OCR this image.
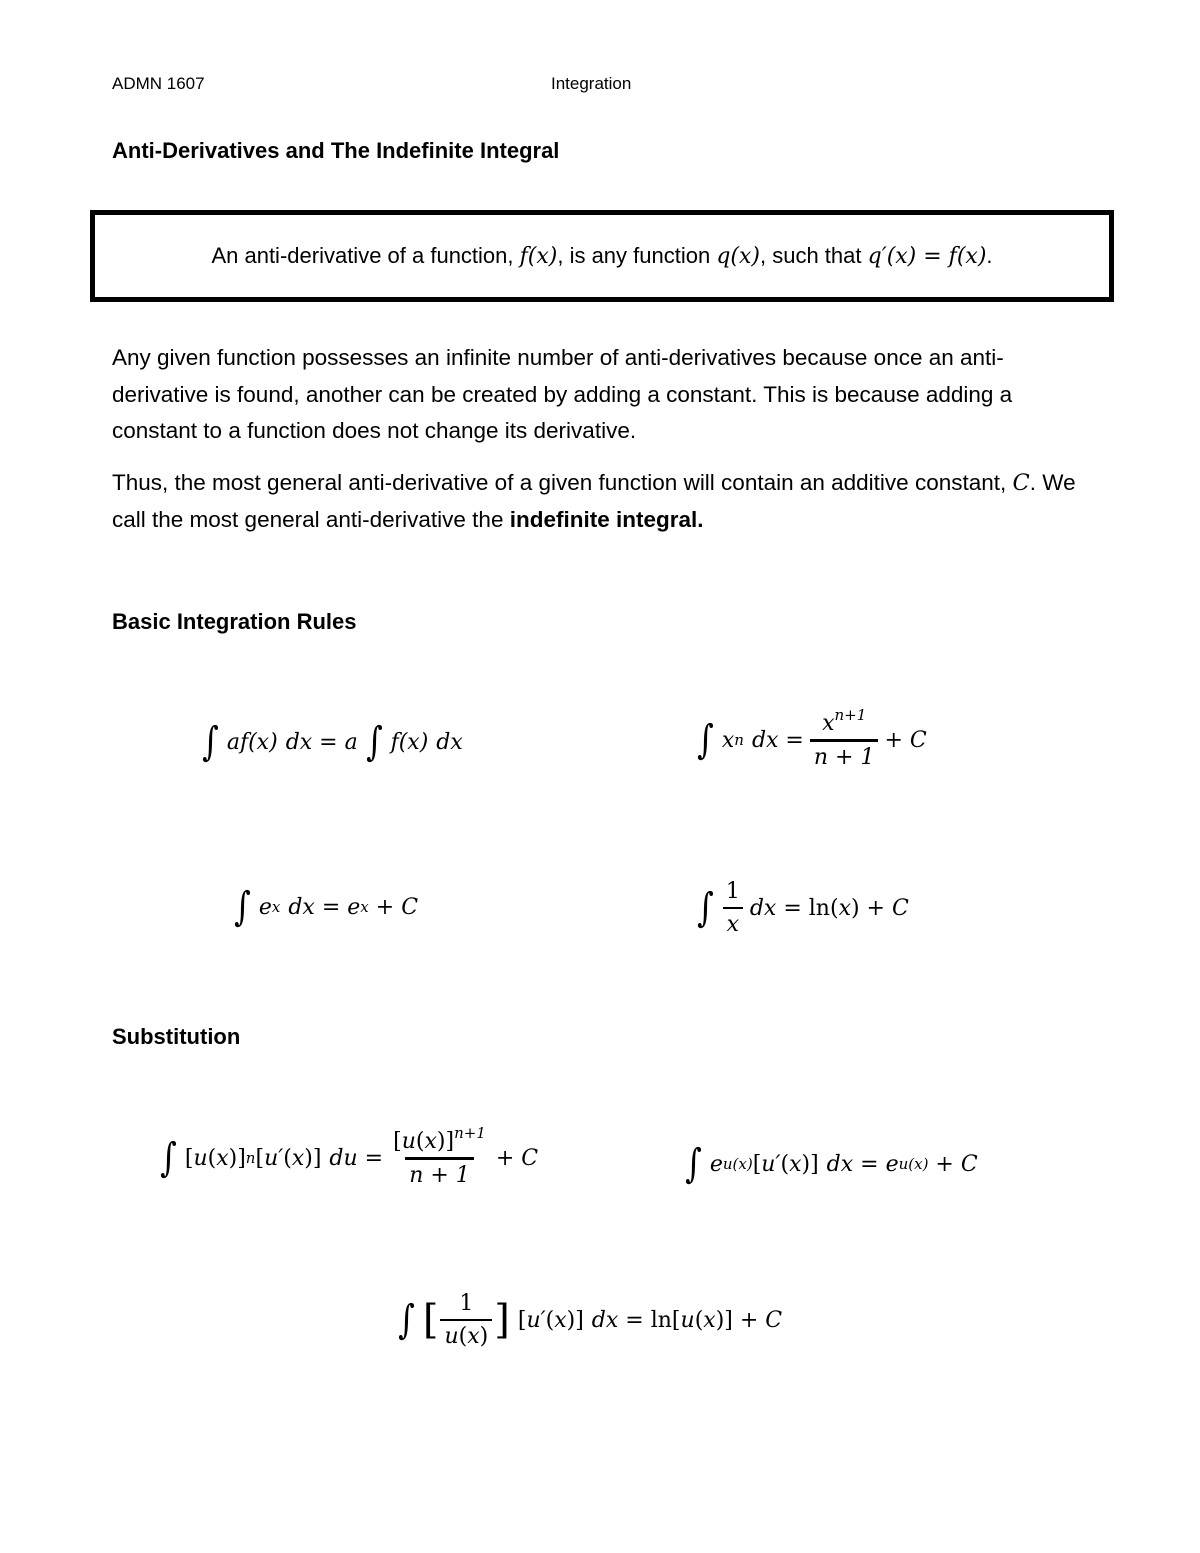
ADMN 1607	Integration
Anti-Derivatives and The Indefinite Integral
An anti-derivative of a function, f(x), is any function q(x), such that q′(x) = f(x).
Any given function possesses an infinite number of anti-derivatives because once an anti-derivative is found, another can be created by adding a constant. This is because adding a constant to a function does not change its derivative.
Thus, the most general anti-derivative of a given function will contain an additive constant, C. We call the most general anti-derivative the indefinite integral.
Basic Integration Rules
∫ af(x) dx = a ∫ f(x) dx	∫ x n dx = $\frac{x^{n+1}}{n + 1} + C$
∫ e x dx = e x + C	∫ $\frac{1}{x}$ dx = ln( x ) + C
Substitution
∫ [ u ( x )] n [ u′ ( x )] du = $\frac{[u(x)]^{n+1}}{n + 1} + C$	∫ e u(x) [ u′ ( x )] dx = e u(x) + C
∫ [ $\frac{1}{u(x)}$ ] [ u′ ( x )] dx = ln[ u ( x )] + C
